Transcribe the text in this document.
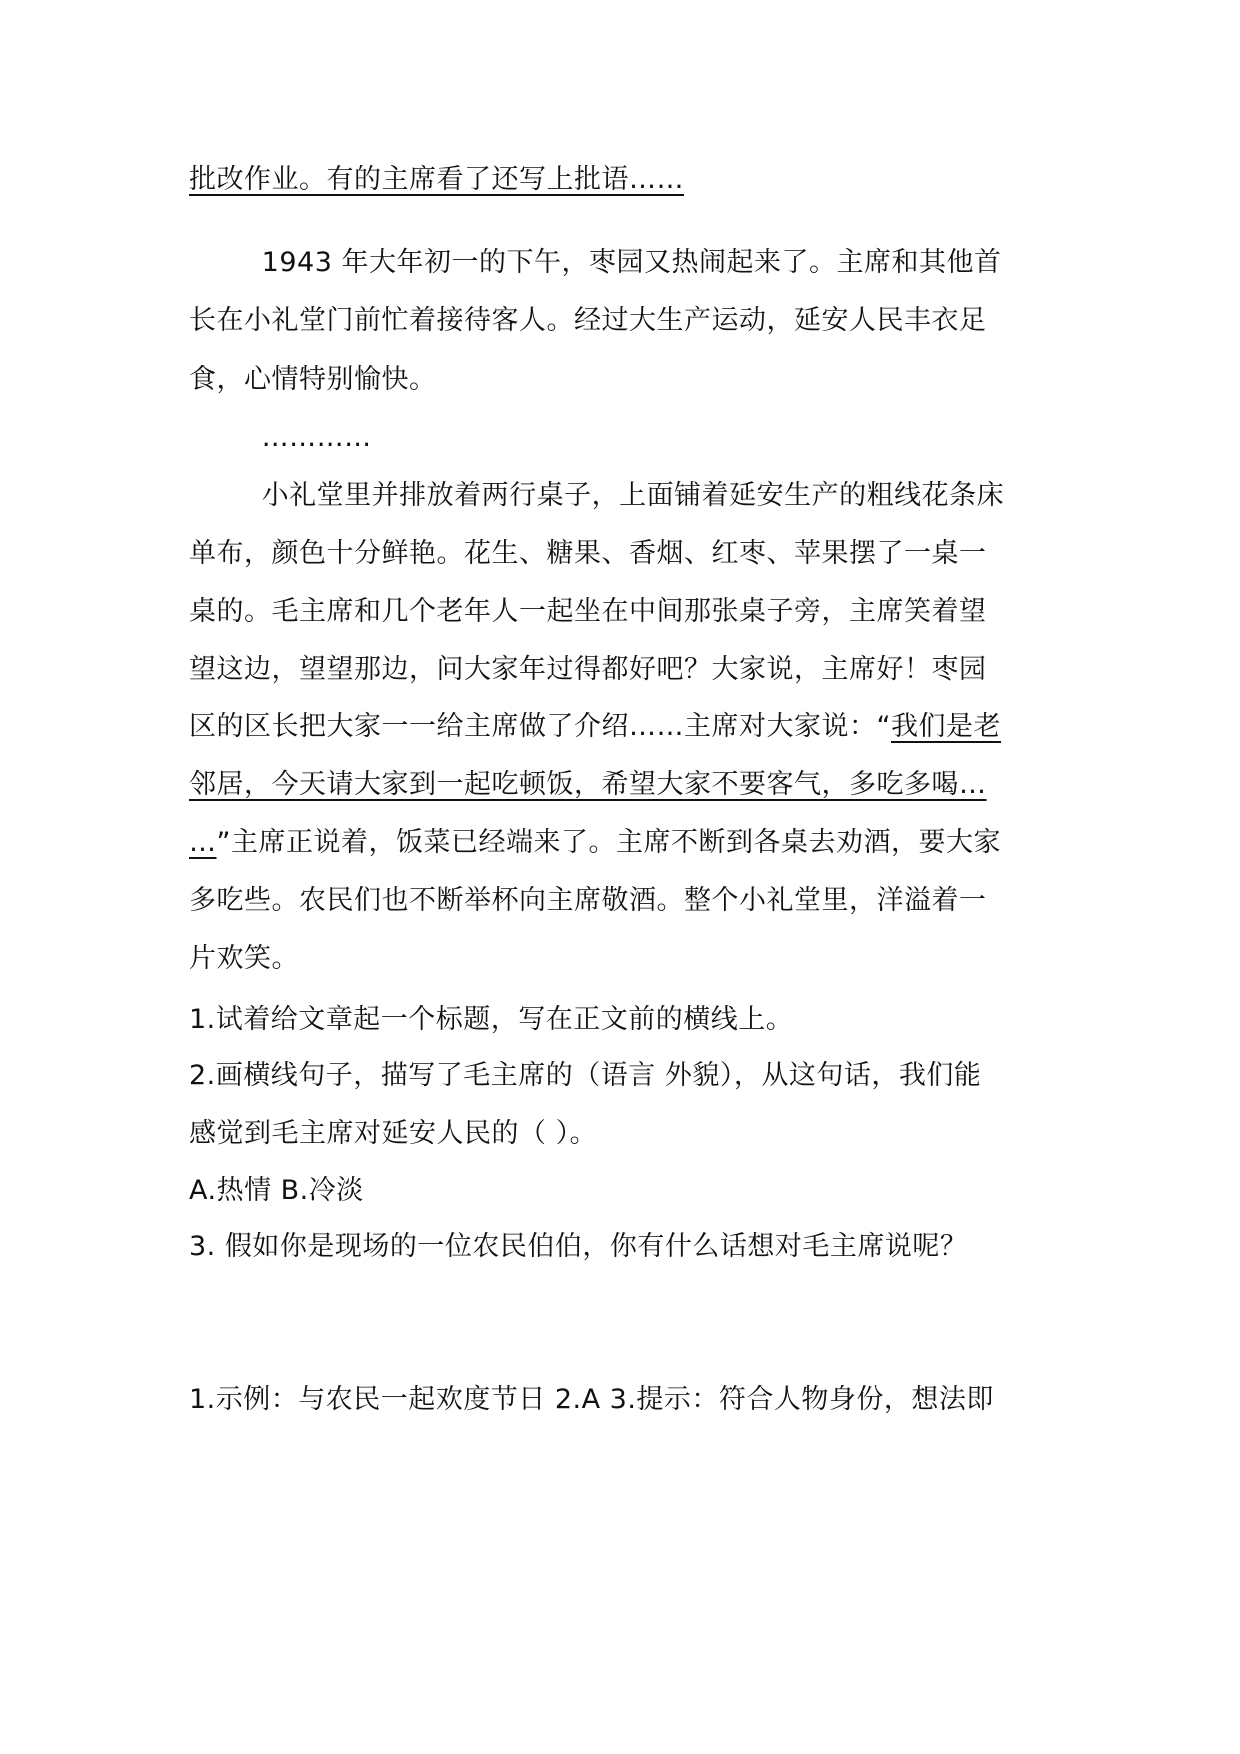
批改作业。有的主席看了还写上批语……
1943 年大年初一的下午，枣园又热闹起来了。主席和其他首
长在小礼堂门前忙着接待客人。经过大生产运动，延安人民丰衣足
食，心情特别愉快。
…………
小礼堂里并排放着两行桌子，上面铺着延安生产的粗线花条床
单布，颜色十分鲜艳。花生、糖果、香烟、红枣、苹果摆了一桌一
桌的。毛主席和几个老年人一起坐在中间那张桌子旁，主席笑着望
望这边，望望那边，问大家年过得都好吧？大家说，主席好！枣园
区的区长把大家一一给主席做了介绍……主席对大家说：“我们是老
邻居，今天请大家到一起吃顿饭，希望大家不要客气，多吃多喝…
…”主席正说着，饭菜已经端来了。主席不断到各桌去劝酒，要大家
多吃些。农民们也不断举杯向主席敬酒。整个小礼堂里，洋溢着一
片欢笑。
1.试着给文章起一个标题，写在正文前的横线上。
2.画横线句子，描写了毛主席的（语言 外貌），从这句话，我们能
感觉到毛主席对延安人民的（ ）。
A.热情 B.冷淡
3. 假如你是现场的一位农民伯伯，你有什么话想对毛主席说呢？
1.示例：与农民一起欢度节日 2.A 3.提示：符合人物身份，想法即
